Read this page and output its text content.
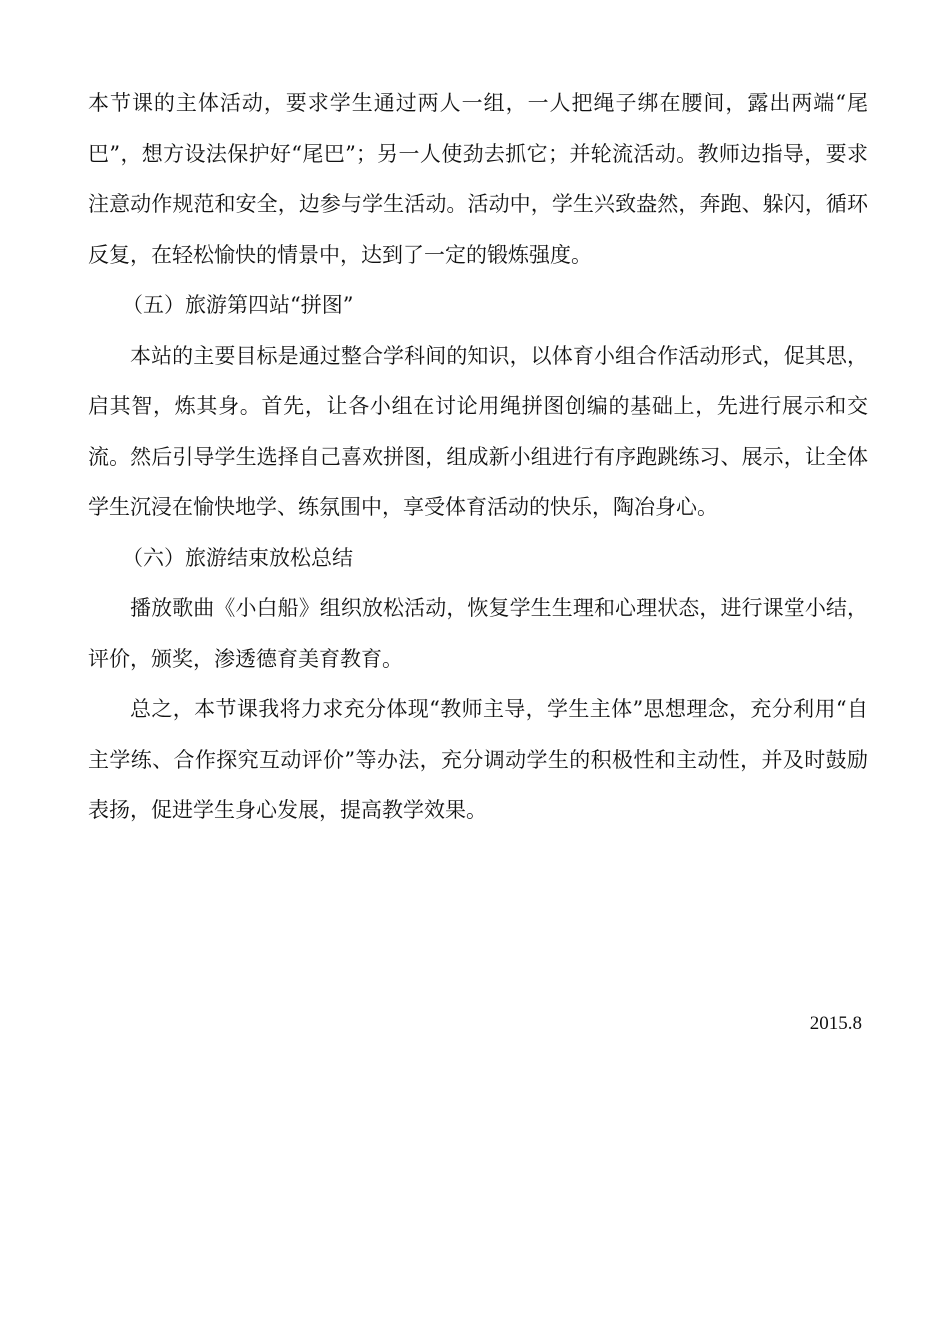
本节课的主体活动，要求学生通过两人一组，一人把绳子绑在腰间，露出两端“尾巴”，想方设法保护好“尾巴”；另一人使劲去抓它；并轮流活动。教师边指导，要求注意动作规范和安全，边参与学生活动。活动中，学生兴致盎然，奔跑、躲闪，循环反复，在轻松愉快的情景中，达到了一定的锻炼强度。

（五）旅游第四站“拼图”

本站的主要目标是通过整合学科间的知识，以体育小组合作活动形式，促其思，启其智，炼其身。首先，让各小组在讨论用绳拼图创编的基础上，先进行展示和交流。然后引导学生选择自己喜欢拼图，组成新小组进行有序跑跳练习、展示，让全体学生沉浸在愉快地学、练氛围中，享受体育活动的快乐，陶冶身心。

（六）旅游结束放松总结

播放歌曲《小白船》组织放松活动，恢复学生生理和心理状态，进行课堂小结，评价，颁奖，渗透德育美育教育。

总之，本节课我将力求充分体现“教师主导，学生主体”思想理念，充分利用“自主学练、合作探究互动评价”等办法，充分调动学生的积极性和主动性，并及时鼓励表扬，促进学生身心发展，提高教学效果。

2015.8
